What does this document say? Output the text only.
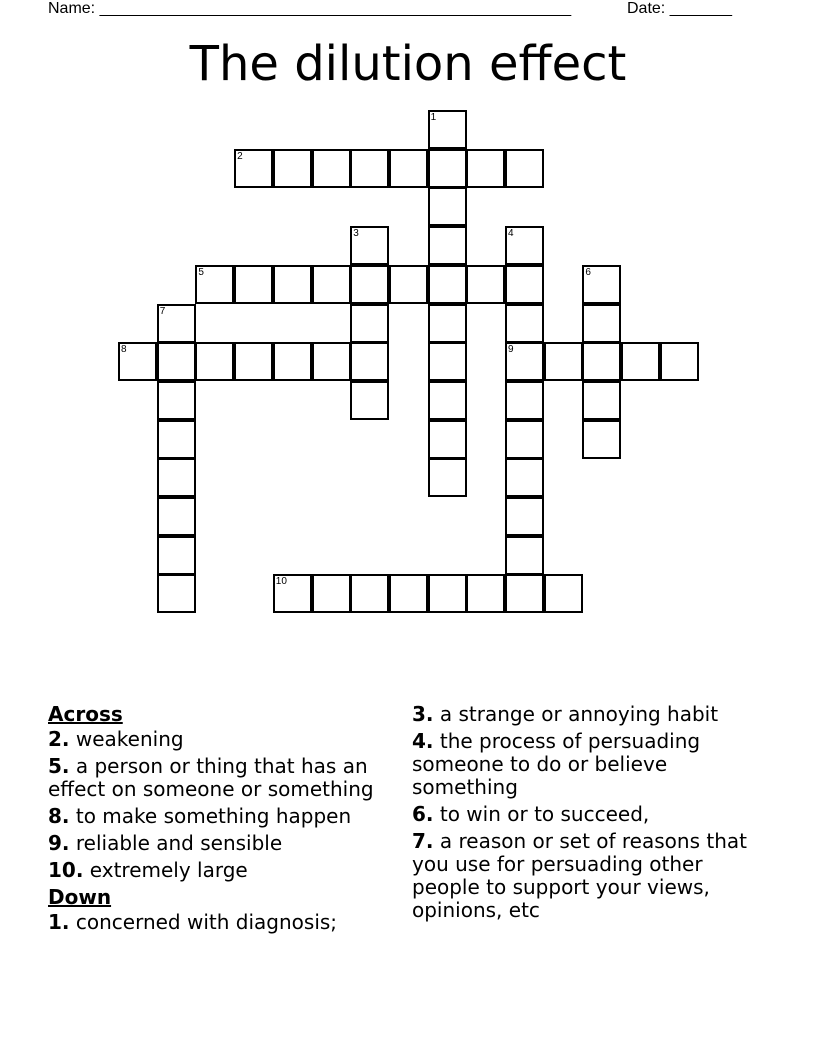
Name: _____________________________________________________	Date: _______
The dilution effect
2
5
8	9
10
1
3	4
6
7
Across
2. weakening
5. a person or thing that has an effect on someone or something
8. to make something happen
9. reliable and sensible
10. extremely large
Down
1. concerned with diagnosis;
3. a strange or annoying habit
4. the process of persuading someone to do or believe something
6. to win or to succeed,
7. a reason or set of reasons that you use for persuading other people to support your views, opinions, etc
